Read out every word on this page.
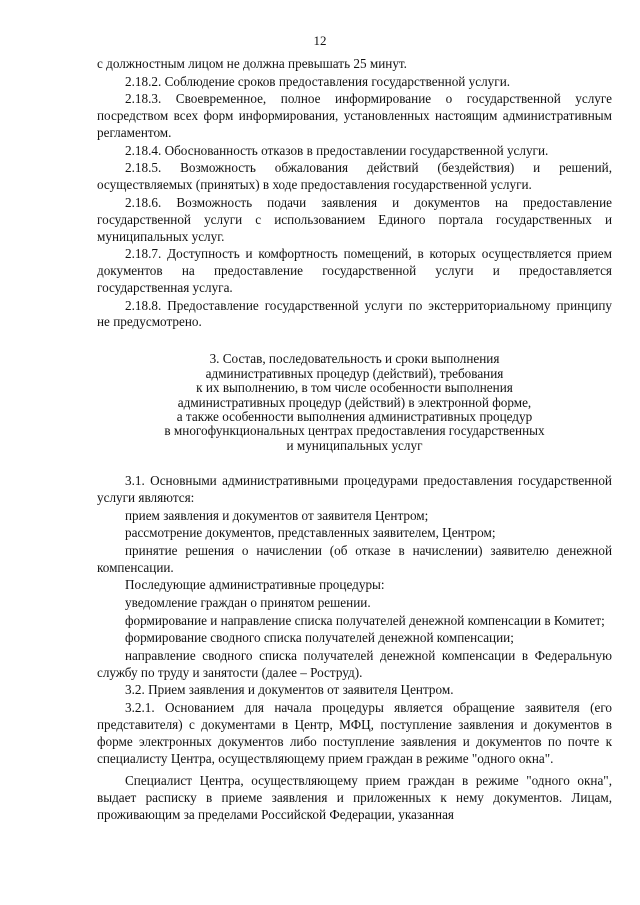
12

с должностным лицом не должна превышать 25 минут.

2.18.2. Соблюдение сроков предоставления государственной услуги.

2.18.3. Своевременное, полное информирование о государственной услуге посредством всех форм информирования, установленных настоящим административным регламентом.

2.18.4. Обоснованность отказов в предоставлении государственной услуги.

2.18.5. Возможность обжалования действий (бездействия) и решений, осуществляемых (принятых) в ходе предоставления государственной услуги.

2.18.6. Возможность подачи заявления и документов на предоставление государственной услуги с использованием Единого портала государственных и муниципальных услуг.

2.18.7. Доступность и комфортность помещений, в которых осуществляется прием документов на предоставление государственной услуги и предоставляется государственная услуга.

2.18.8. Предоставление государственной услуги по экстерриториальному принципу не предусмотрено.

3. Состав, последовательность и сроки выполнения
административных процедур (действий), требования
к их выполнению, в том числе особенности выполнения
административных процедур (действий) в электронной форме,
а также особенности выполнения административных процедур
в многофункциональных центрах предоставления государственных
и муниципальных услуг

3.1. Основными административными процедурами предоставления государственной услуги являются:

прием заявления и документов от заявителя Центром;

рассмотрение документов, представленных заявителем, Центром;

принятие решения о начислении (об отказе в начислении) заявителю денежной компенсации.

Последующие административные процедуры:

уведомление граждан о принятом решении.

формирование и направление списка получателей денежной компенсации в Комитет;

формирование сводного списка получателей денежной компенсации;

направление сводного списка получателей денежной компенсации в Федеральную службу по труду и занятости (далее – Роструд).

3.2. Прием заявления и документов от заявителя Центром.

3.2.1. Основанием для начала процедуры является обращение заявителя (его представителя) с документами в Центр, МФЦ, поступление заявления и документов в форме электронных документов либо поступление заявления и документов по почте к специалисту Центра, осуществляющему прием граждан в режиме "одного окна".

Специалист Центра, осуществляющему прием граждан в режиме "одного окна", выдает расписку в приеме заявления и приложенных к нему документов. Лицам, проживающим за пределами Российской Федерации, указанная
